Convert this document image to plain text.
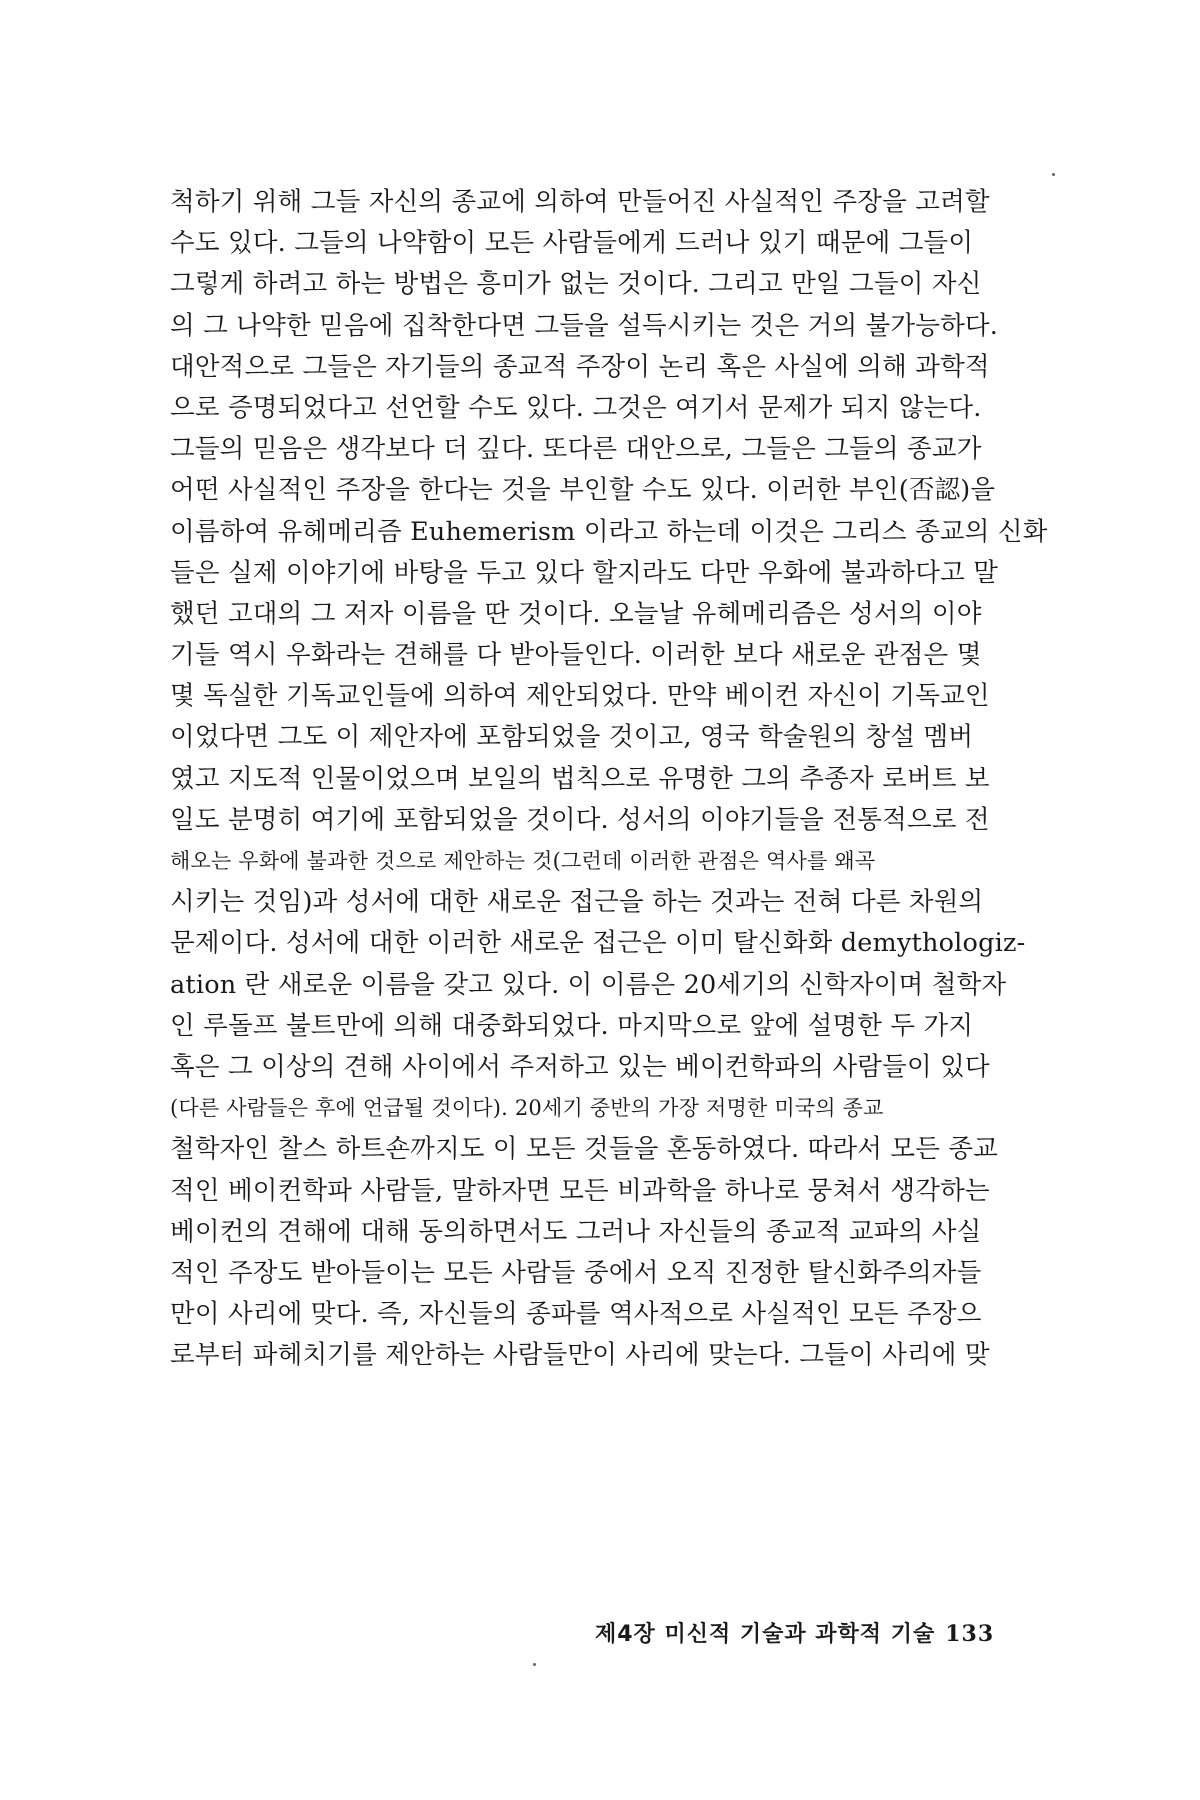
척하기 위해 그들 자신의 종교에 의하여 만들어진 사실적인 주장을 고려할
수도 있다. 그들의 나약함이 모든 사람들에게 드러나 있기 때문에 그들이
그렇게 하려고 하는 방법은 흥미가 없는 것이다. 그리고 만일 그들이 자신
의 그 나약한 믿음에 집착한다면 그들을 설득시키는 것은 거의 불가능하다.
대안적으로 그들은 자기들의 종교적 주장이 논리 혹은 사실에 의해 과학적
으로 증명되었다고 선언할 수도 있다. 그것은 여기서 문제가 되지 않는다.
그들의 믿음은 생각보다 더 깊다. 또다른 대안으로, 그들은 그들의 종교가
어떤 사실적인 주장을 한다는 것을 부인할 수도 있다. 이러한 부인(否認)을
이름하여 유헤메리즘 Euhemerism 이라고 하는데 이것은 그리스 종교의 신화
들은 실제 이야기에 바탕을 두고 있다 할지라도 다만 우화에 불과하다고 말
했던 고대의 그 저자 이름을 딴 것이다. 오늘날 유헤메리즘은 성서의 이야
기들 역시 우화라는 견해를 다 받아들인다. 이러한 보다 새로운 관점은 몇
몇 독실한 기독교인들에 의하여 제안되었다. 만약 베이컨 자신이 기독교인
이었다면 그도 이 제안자에 포함되었을 것이고, 영국 학술원의 창설 멤버
였고 지도적 인물이었으며 보일의 법칙으로 유명한 그의 추종자 로버트 보
일도 분명히 여기에 포함되었을 것이다. 성서의 이야기들을 전통적으로 전
해오는 우화에 불과한 것으로 제안하는 것(그런데 이러한 관점은 역사를 왜곡
시키는 것임)과 성서에 대한 새로운 접근을 하는 것과는 전혀 다른 차원의
문제이다. 성서에 대한 이러한 새로운 접근은 이미 탈신화화 demythologiz-
ation 란 새로운 이름을 갖고 있다. 이 이름은 20세기의 신학자이며 철학자
인 루돌프 불트만에 의해 대중화되었다. 마지막으로 앞에 설명한 두 가지
혹은 그 이상의 견해 사이에서 주저하고 있는 베이컨학파의 사람들이 있다
(다른 사람들은 후에 언급될 것이다). 20세기 중반의 가장 저명한 미국의 종교
철학자인 찰스 하트숀까지도 이 모든 것들을 혼동하였다. 따라서 모든 종교
적인 베이컨학파 사람들, 말하자면 모든 비과학을 하나로 뭉쳐서 생각하는
베이컨의 견해에 대해 동의하면서도 그러나 자신들의 종교적 교파의 사실
적인 주장도 받아들이는 모든 사람들 중에서 오직 진정한 탈신화주의자들
만이 사리에 맞다. 즉, 자신들의 종파를 역사적으로 사실적인 모든 주장으
로부터 파헤치기를 제안하는 사람들만이 사리에 맞는다. 그들이 사리에 맞
제4장 미신적 기술과 과학적 기술 133
